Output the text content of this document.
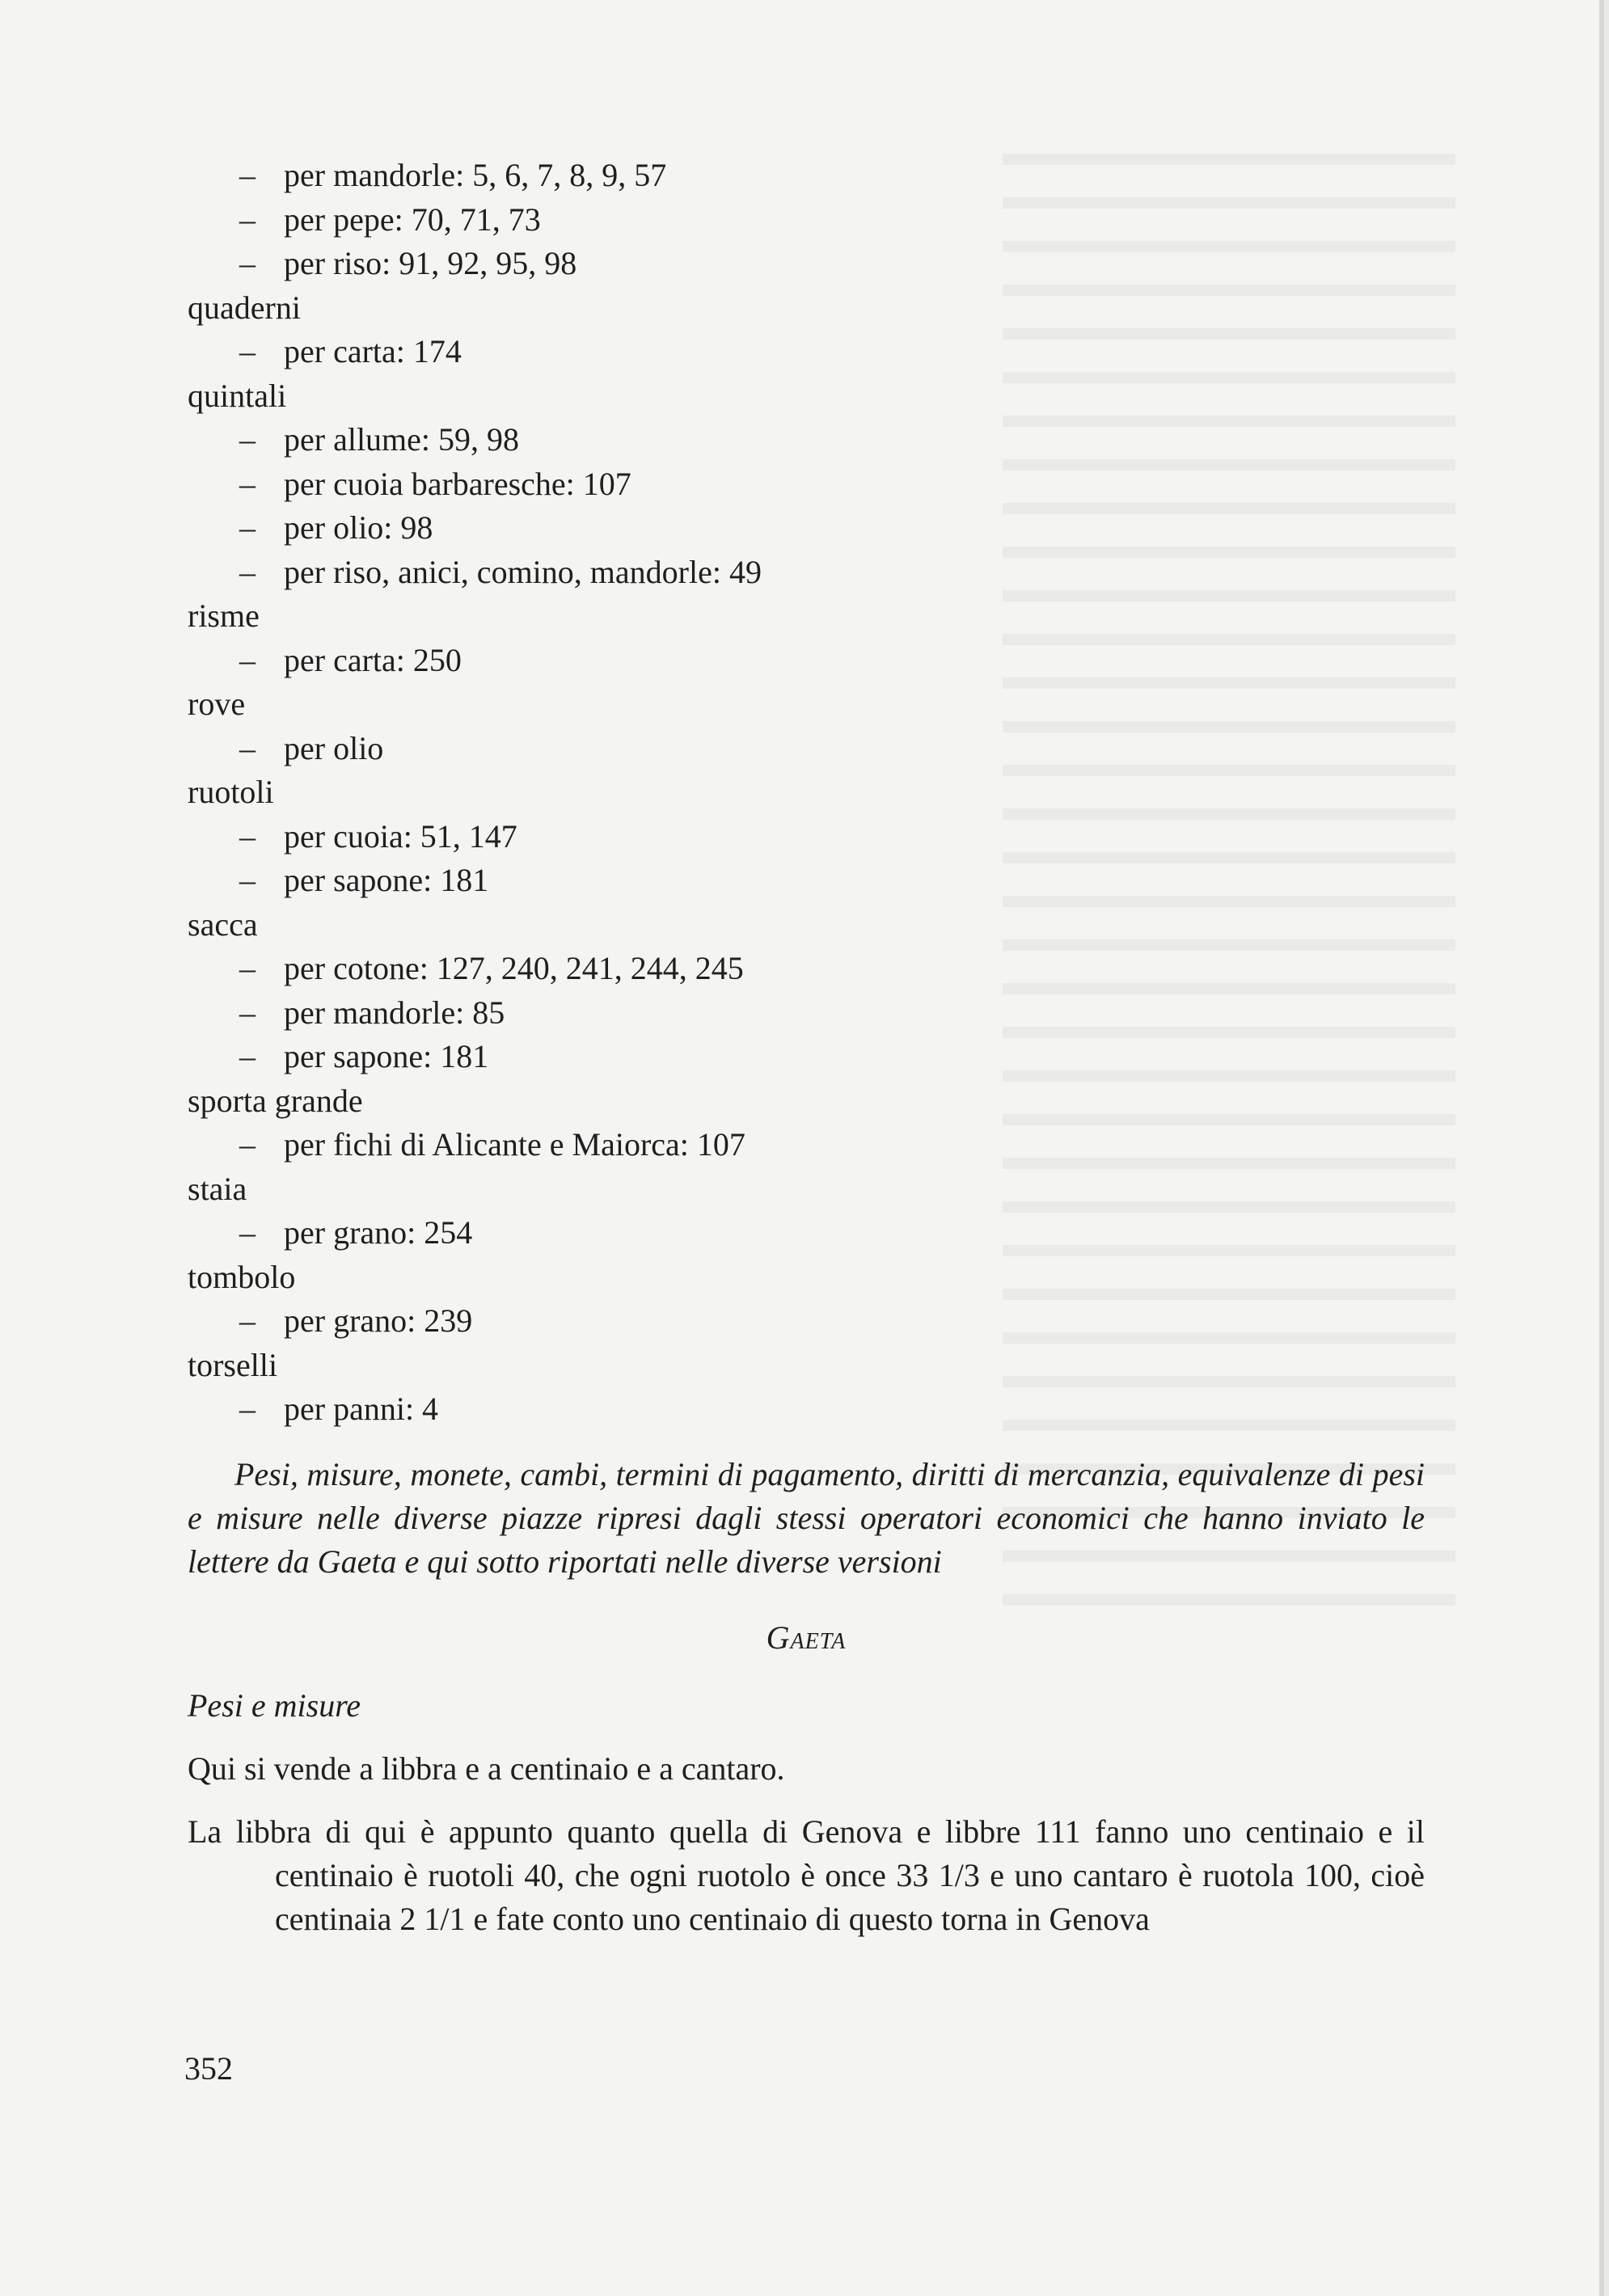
– per mandorle: 5, 6, 7, 8, 9, 57
– per pepe: 70, 71, 73
– per riso: 91, 92, 95, 98
quaderni
– per carta: 174
quintali
– per allume: 59, 98
– per cuoia barbaresche: 107
– per olio: 98
– per riso, anici, comino, mandorle: 49
risme
– per carta: 250
rove
– per olio
ruotoli
– per cuoia: 51, 147
– per sapone: 181
sacca
– per cotone: 127, 240, 241, 244, 245
– per mandorle: 85
– per sapone: 181
sporta grande
– per fichi di Alicante e Maiorca: 107
staia
– per grano: 254
tombolo
– per grano: 239
torselli
– per panni: 4

Pesi, misure, monete, cambi, termini di pagamento, diritti di mercanzia, equivalenze di pesi e misure nelle diverse piazze ripresi dagli stessi operatori economici che hanno inviato le lettere da Gaeta e qui sotto riportati nelle diverse versioni

Gaeta
Pesi e misure

Qui si vende a libbra e a centinaio e a cantaro.

La libbra di qui è appunto quanto quella di Genova e libbre 111 fanno uno centinaio e il centinaio è ruotoli 40, che ogni ruotolo è once 33 1/3 e uno cantaro è ruotola 100, cioè centinaia 2 1/1 e fate conto uno centinaio di questo torna in Genova

352
